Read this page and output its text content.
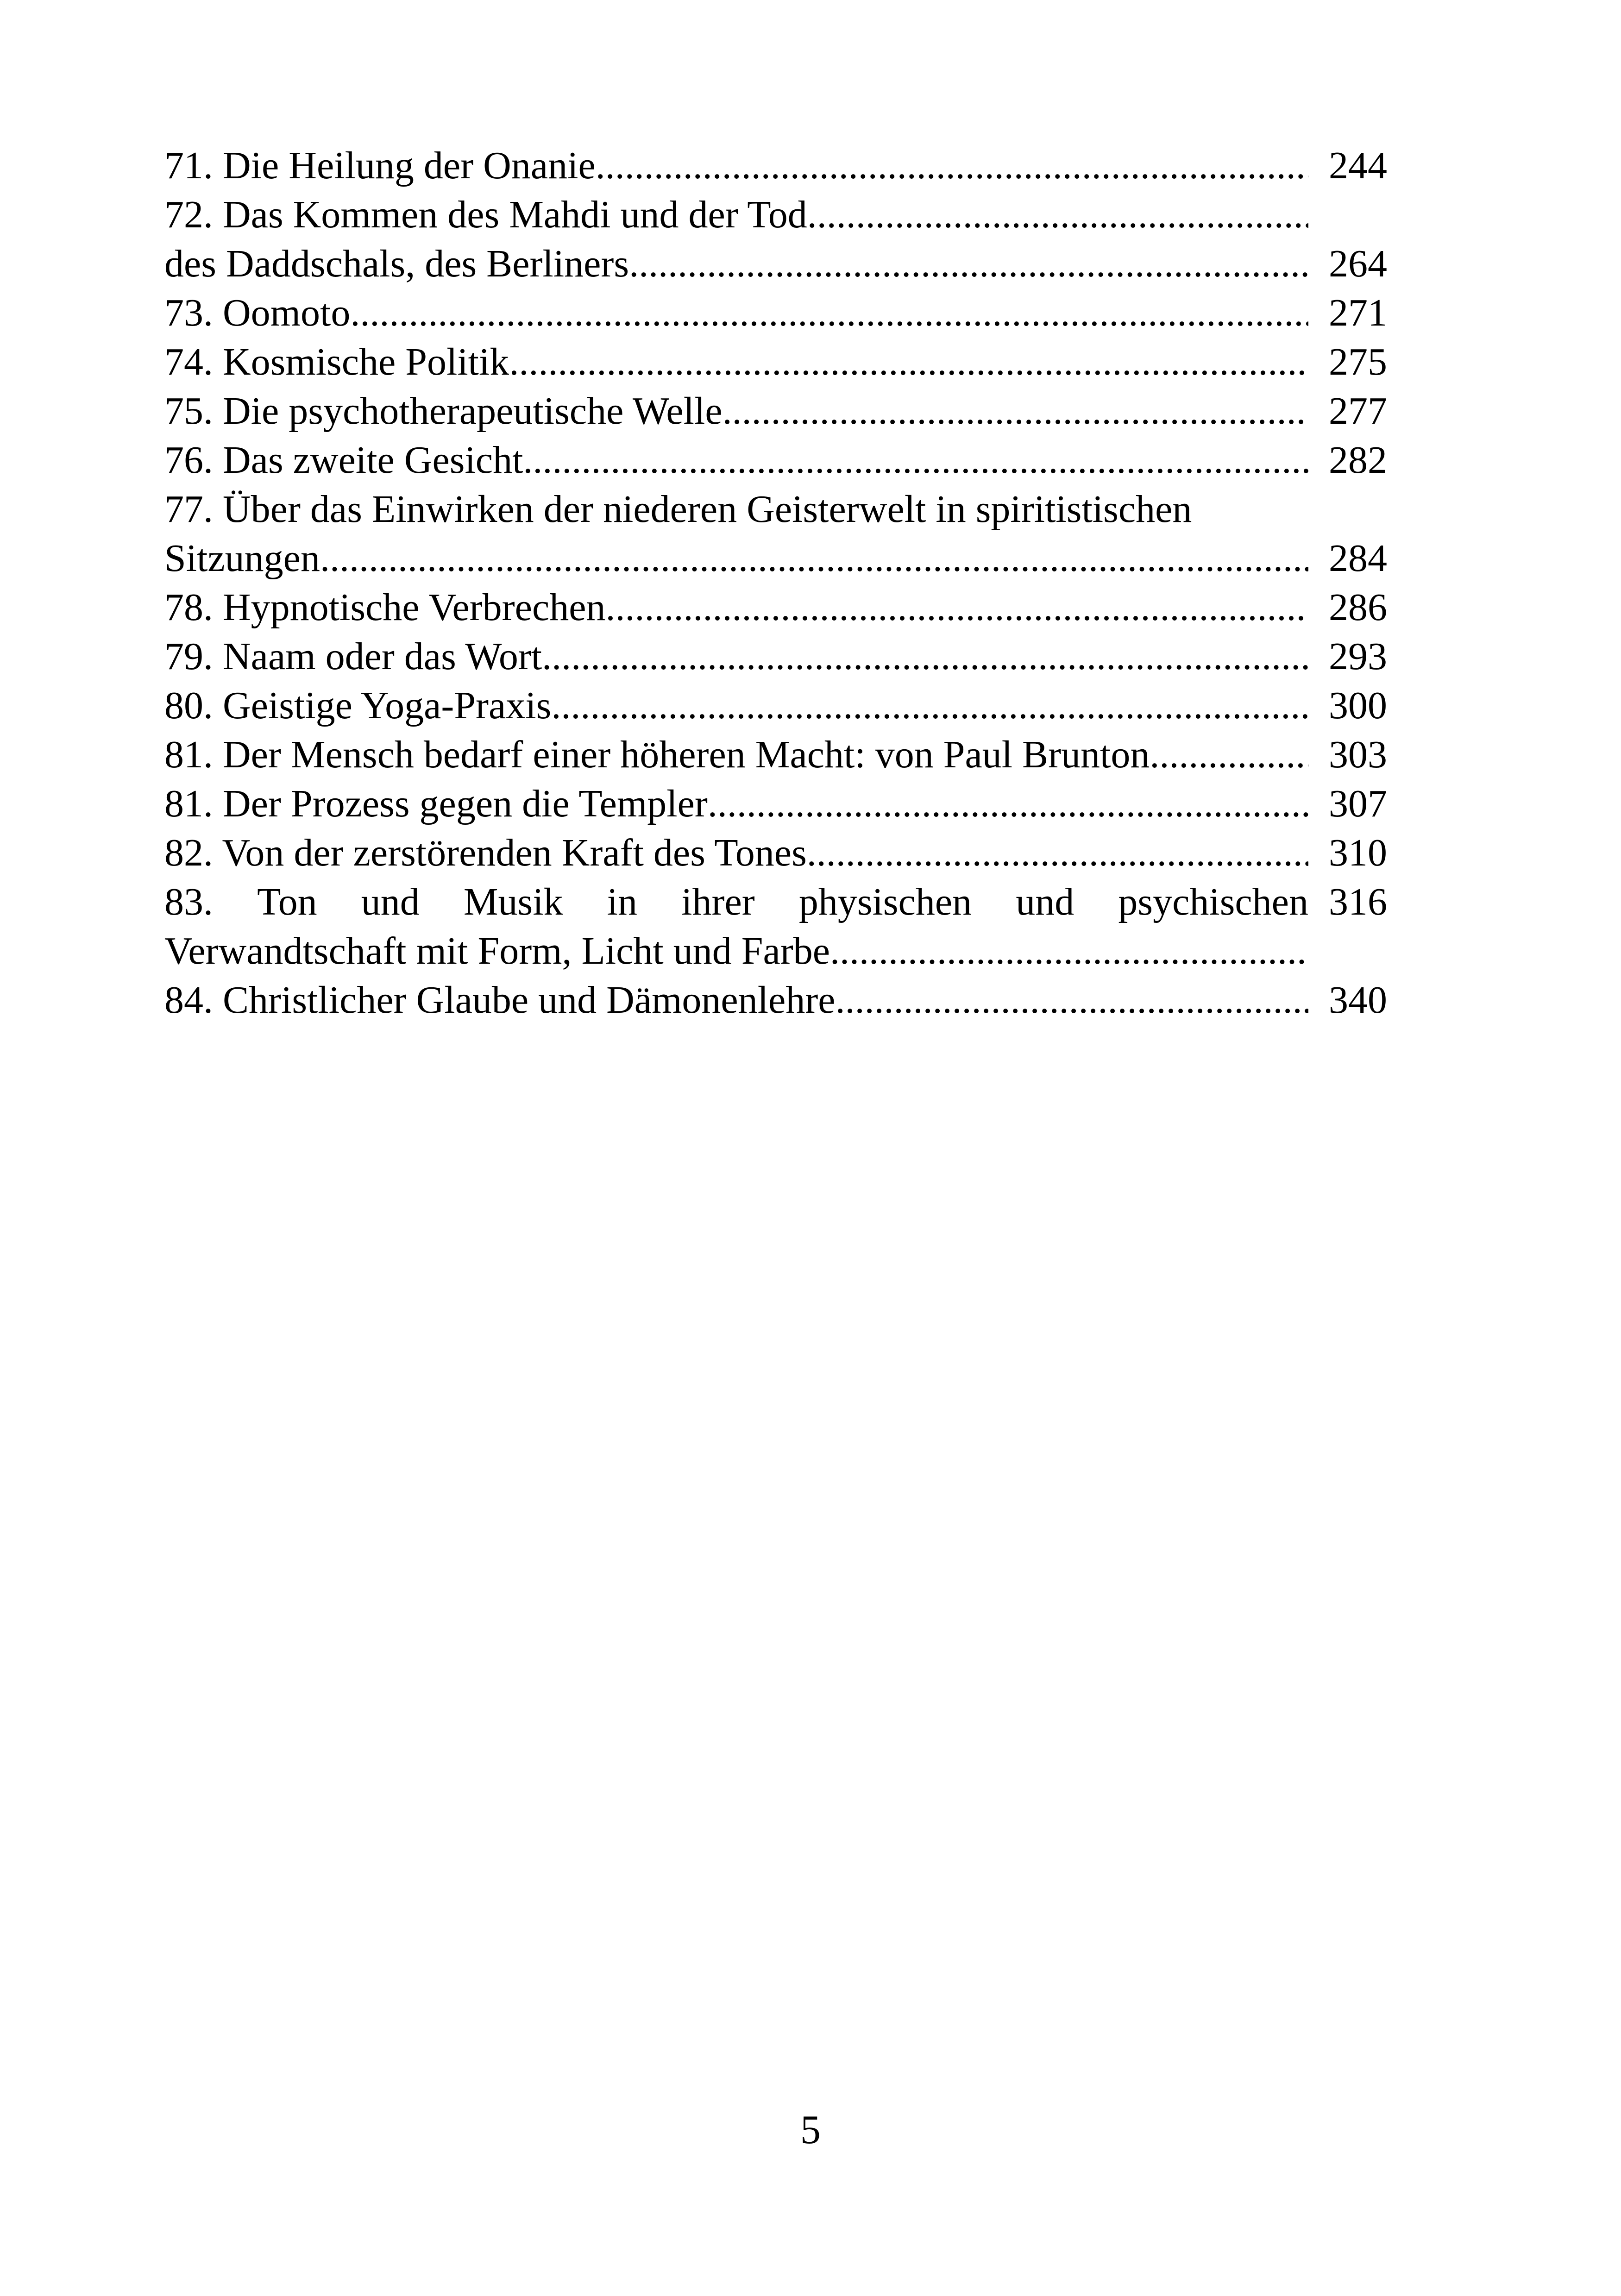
71. Die Heilung der Onanie .....	244
72. Das Kommen des Mahdi und der Tod
.....
des Daddschals, des Berliners .....	264
73. Oomoto .....	271
74. Kosmische Politik .....	275
75. Die psychotherapeutische Welle .....	277
76. Das zweite Gesicht .....	282
77. Über das Einwirken der niederen Geisterwelt in spiritistischen
Sitzungen .....	284
78. Hypnotische Verbrechen .....	286
79. Naam oder das Wort .....	293
80. Geistige Yoga-Praxis .....	300
81. Der Mensch bedarf einer höheren Macht: von Paul Brunton .....	303
81. Der Prozess gegen die Templer .....	307
82. Von der zerstörenden Kraft des Tones .....	310
83. Ton und Musik in ihrer physischen und psychischen 316
Verwandtschaft mit Form, Licht und Farbe
.....
84. Christlicher Glaube und Dämonenlehre .....	340
5
